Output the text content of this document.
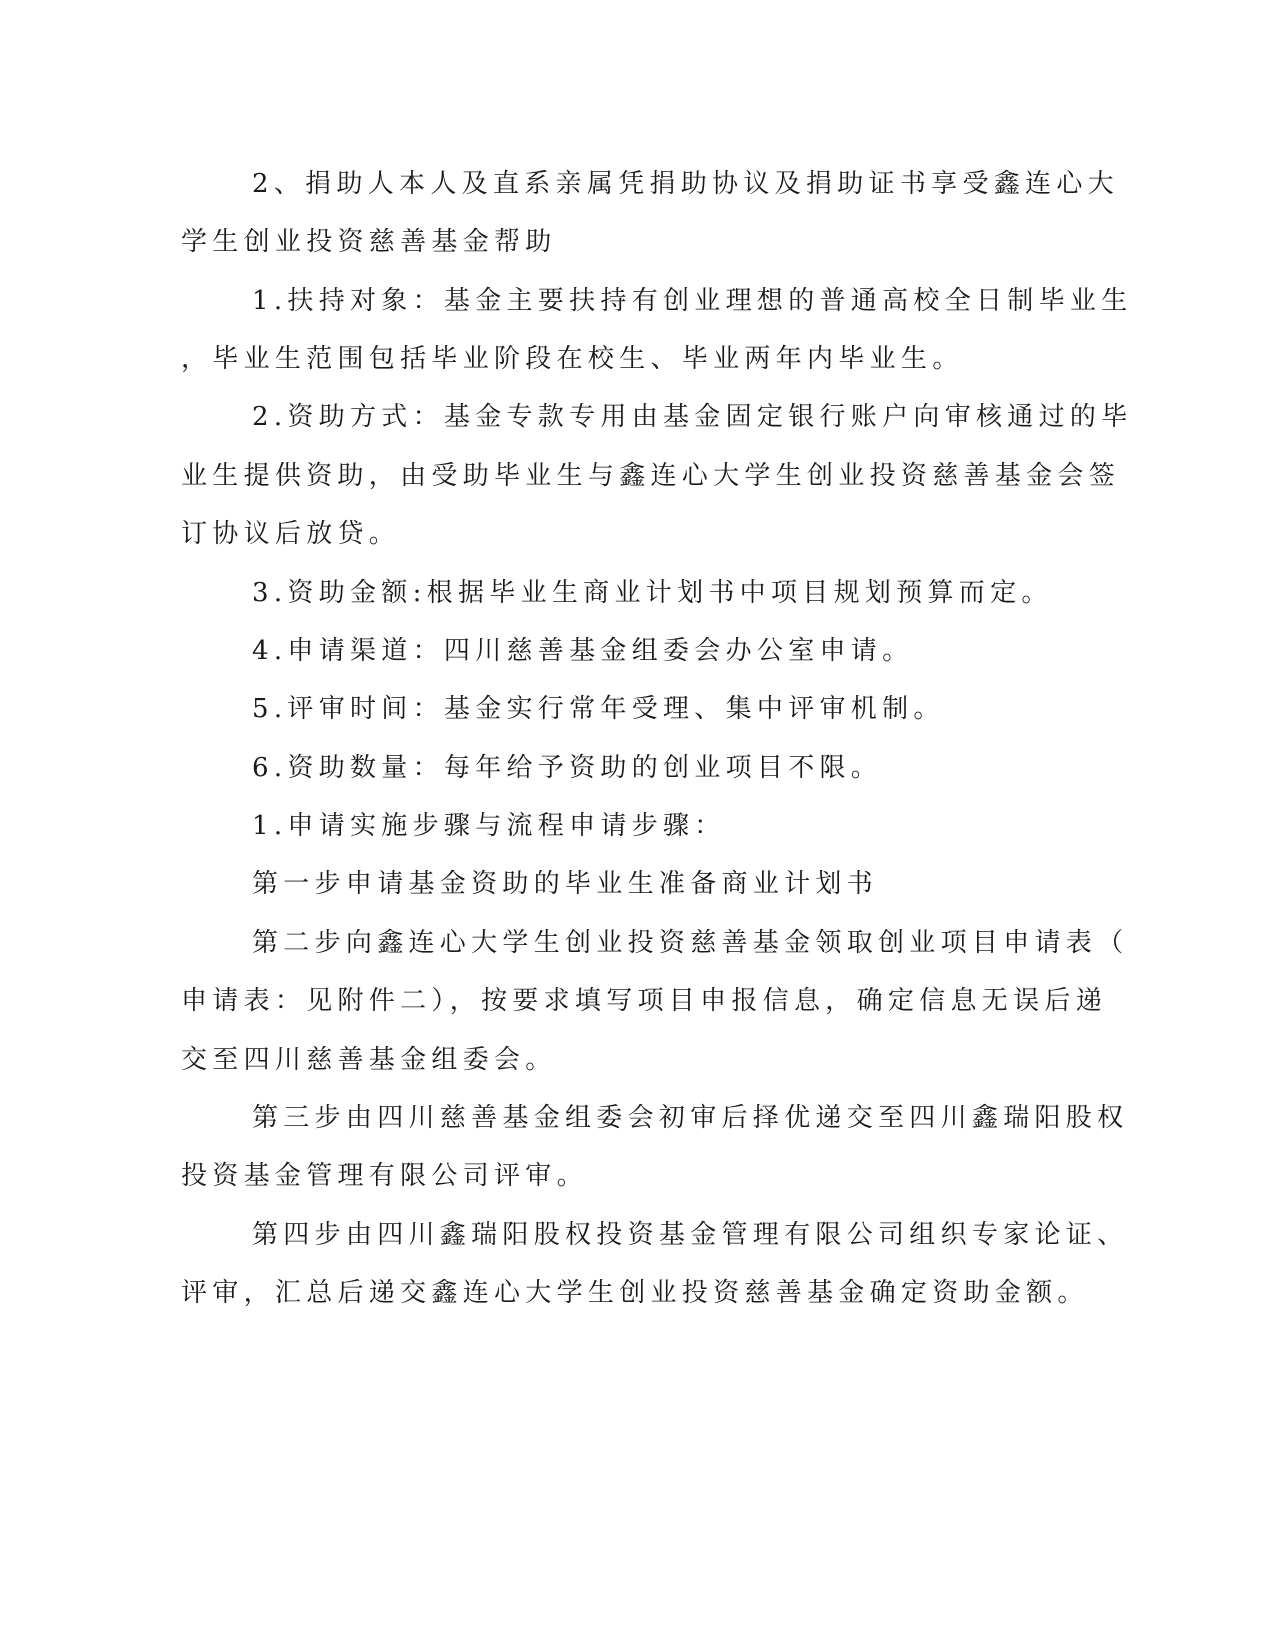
2、捐助人本人及直系亲属凭捐助协议及捐助证书享受鑫连心大
学生创业投资慈善基金帮助
1.扶持对象：基金主要扶持有创业理想的普通高校全日制毕业生
，毕业生范围包括毕业阶段在校生、毕业两年内毕业生。
2.资助方式：基金专款专用由基金固定银行账户向审核通过的毕
业生提供资助，由受助毕业生与鑫连心大学生创业投资慈善基金会签
订协议后放贷。
3.资助金额:根据毕业生商业计划书中项目规划预算而定。
4.申请渠道：四川慈善基金组委会办公室申请。
5.评审时间：基金实行常年受理、集中评审机制。
6.资助数量：每年给予资助的创业项目不限。
1.申请实施步骤与流程申请步骤：
第一步申请基金资助的毕业生准备商业计划书
第二步向鑫连心大学生创业投资慈善基金领取创业项目申请表（
申请表：见附件二），按要求填写项目申报信息，确定信息无误后递
交至四川慈善基金组委会。
第三步由四川慈善基金组委会初审后择优递交至四川鑫瑞阳股权
投资基金管理有限公司评审。
第四步由四川鑫瑞阳股权投资基金管理有限公司组织专家论证、
评审，汇总后递交鑫连心大学生创业投资慈善基金确定资助金额。
